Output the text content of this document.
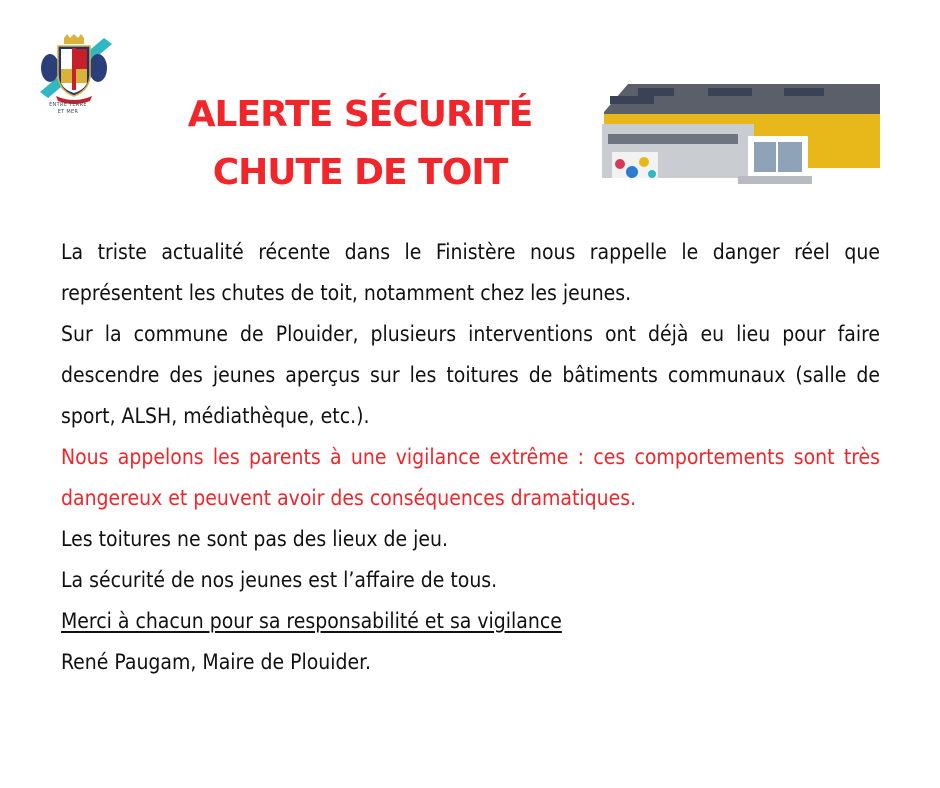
ENTRE TERRE
ET MER	ALERTE SÉCURITÉ
CHUTE DE TOIT

La triste actualité récente dans le Finistère nous rappelle le danger réel que représentent les chutes de toit, notamment chez les jeunes.

Sur la commune de Plouider, plusieurs interventions ont déjà eu lieu pour faire descendre des jeunes aperçus sur les toitures de bâtiments communaux (salle de sport, ALSH, médiathèque, etc.).

Nous appelons les parents à une vigilance extrême : ces comportements sont très dangereux et peuvent avoir des conséquences dramatiques.

Les toitures ne sont pas des lieux de jeu.

La sécurité de nos jeunes est l’affaire de tous.

Merci à chacun pour sa responsabilité et sa vigilance

René Paugam, Maire de Plouider.
